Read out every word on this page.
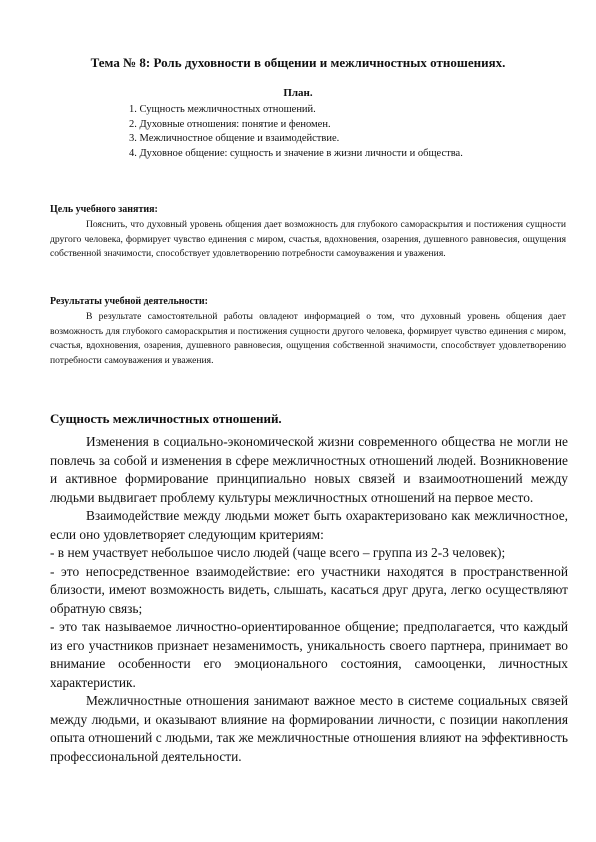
Тема № 8: Роль духовности в общении и межличностных отношениях.
План.
1. Сущность межличностных отношений.
2. Духовные отношения: понятие и феномен.
3. Межличностное общение и взаимодействие.
4. Духовное общение: сущность и значение в жизни личности и общества.
Цель учебного занятия:

Пояснить, что духовный уровень общения дает возможность для глубокого самораскрытия и постижения сущности другого человека, формирует чувство единения с миром, счастья, вдохновения, озарения, душевного равновесия, ощущения собственной значимости, способствует удовлетворению потребности самоуважения и уважения.

Результаты учебной деятельности:

В результате самостоятельной работы овладеют информацией о том, что духовный уровень общения дает возможность для глубокого самораскрытия и постижения сущности другого человека, формирует чувство единения с миром, счастья, вдохновения, озарения, душевного равновесия, ощущения собственной значимости, способствует удовлетворению потребности самоуважения и уважения.

Сущность межличностных отношений.

Изменения в социально-экономической жизни современного общества не могли не повлечь за собой и изменения в сфере межличностных отношений людей. Возникновение и активное формирование принципиально новых связей и взаимоотношений между людьми выдвигает проблему культуры межличностных отношений на первое место.

Взаимодействие между людьми может быть охарактеризовано как межличностное, если оно удовлетворяет следующим критериям:

- в нем участвует небольшое число людей (чаще всего – группа из 2-3 человек);

- это непосредственное взаимодействие: его участники находятся в пространственной близости, имеют возможность видеть, слышать, касаться друг друга, легко осуществляют обратную связь;

- это так называемое личностно-ориентированное общение; предполагается, что каждый из его участников признает незаменимость, уникальность своего партнера, принимает во внимание особенности его эмоционального состояния, самооценки, личностных характеристик.

Межличностные отношения занимают важное место в системе социальных связей между людьми, и оказывают влияние на формировании личности, с позиции накопления опыта отношений с людьми, так же межличностные отношения влияют на эффективность профессиональной деятельности.
